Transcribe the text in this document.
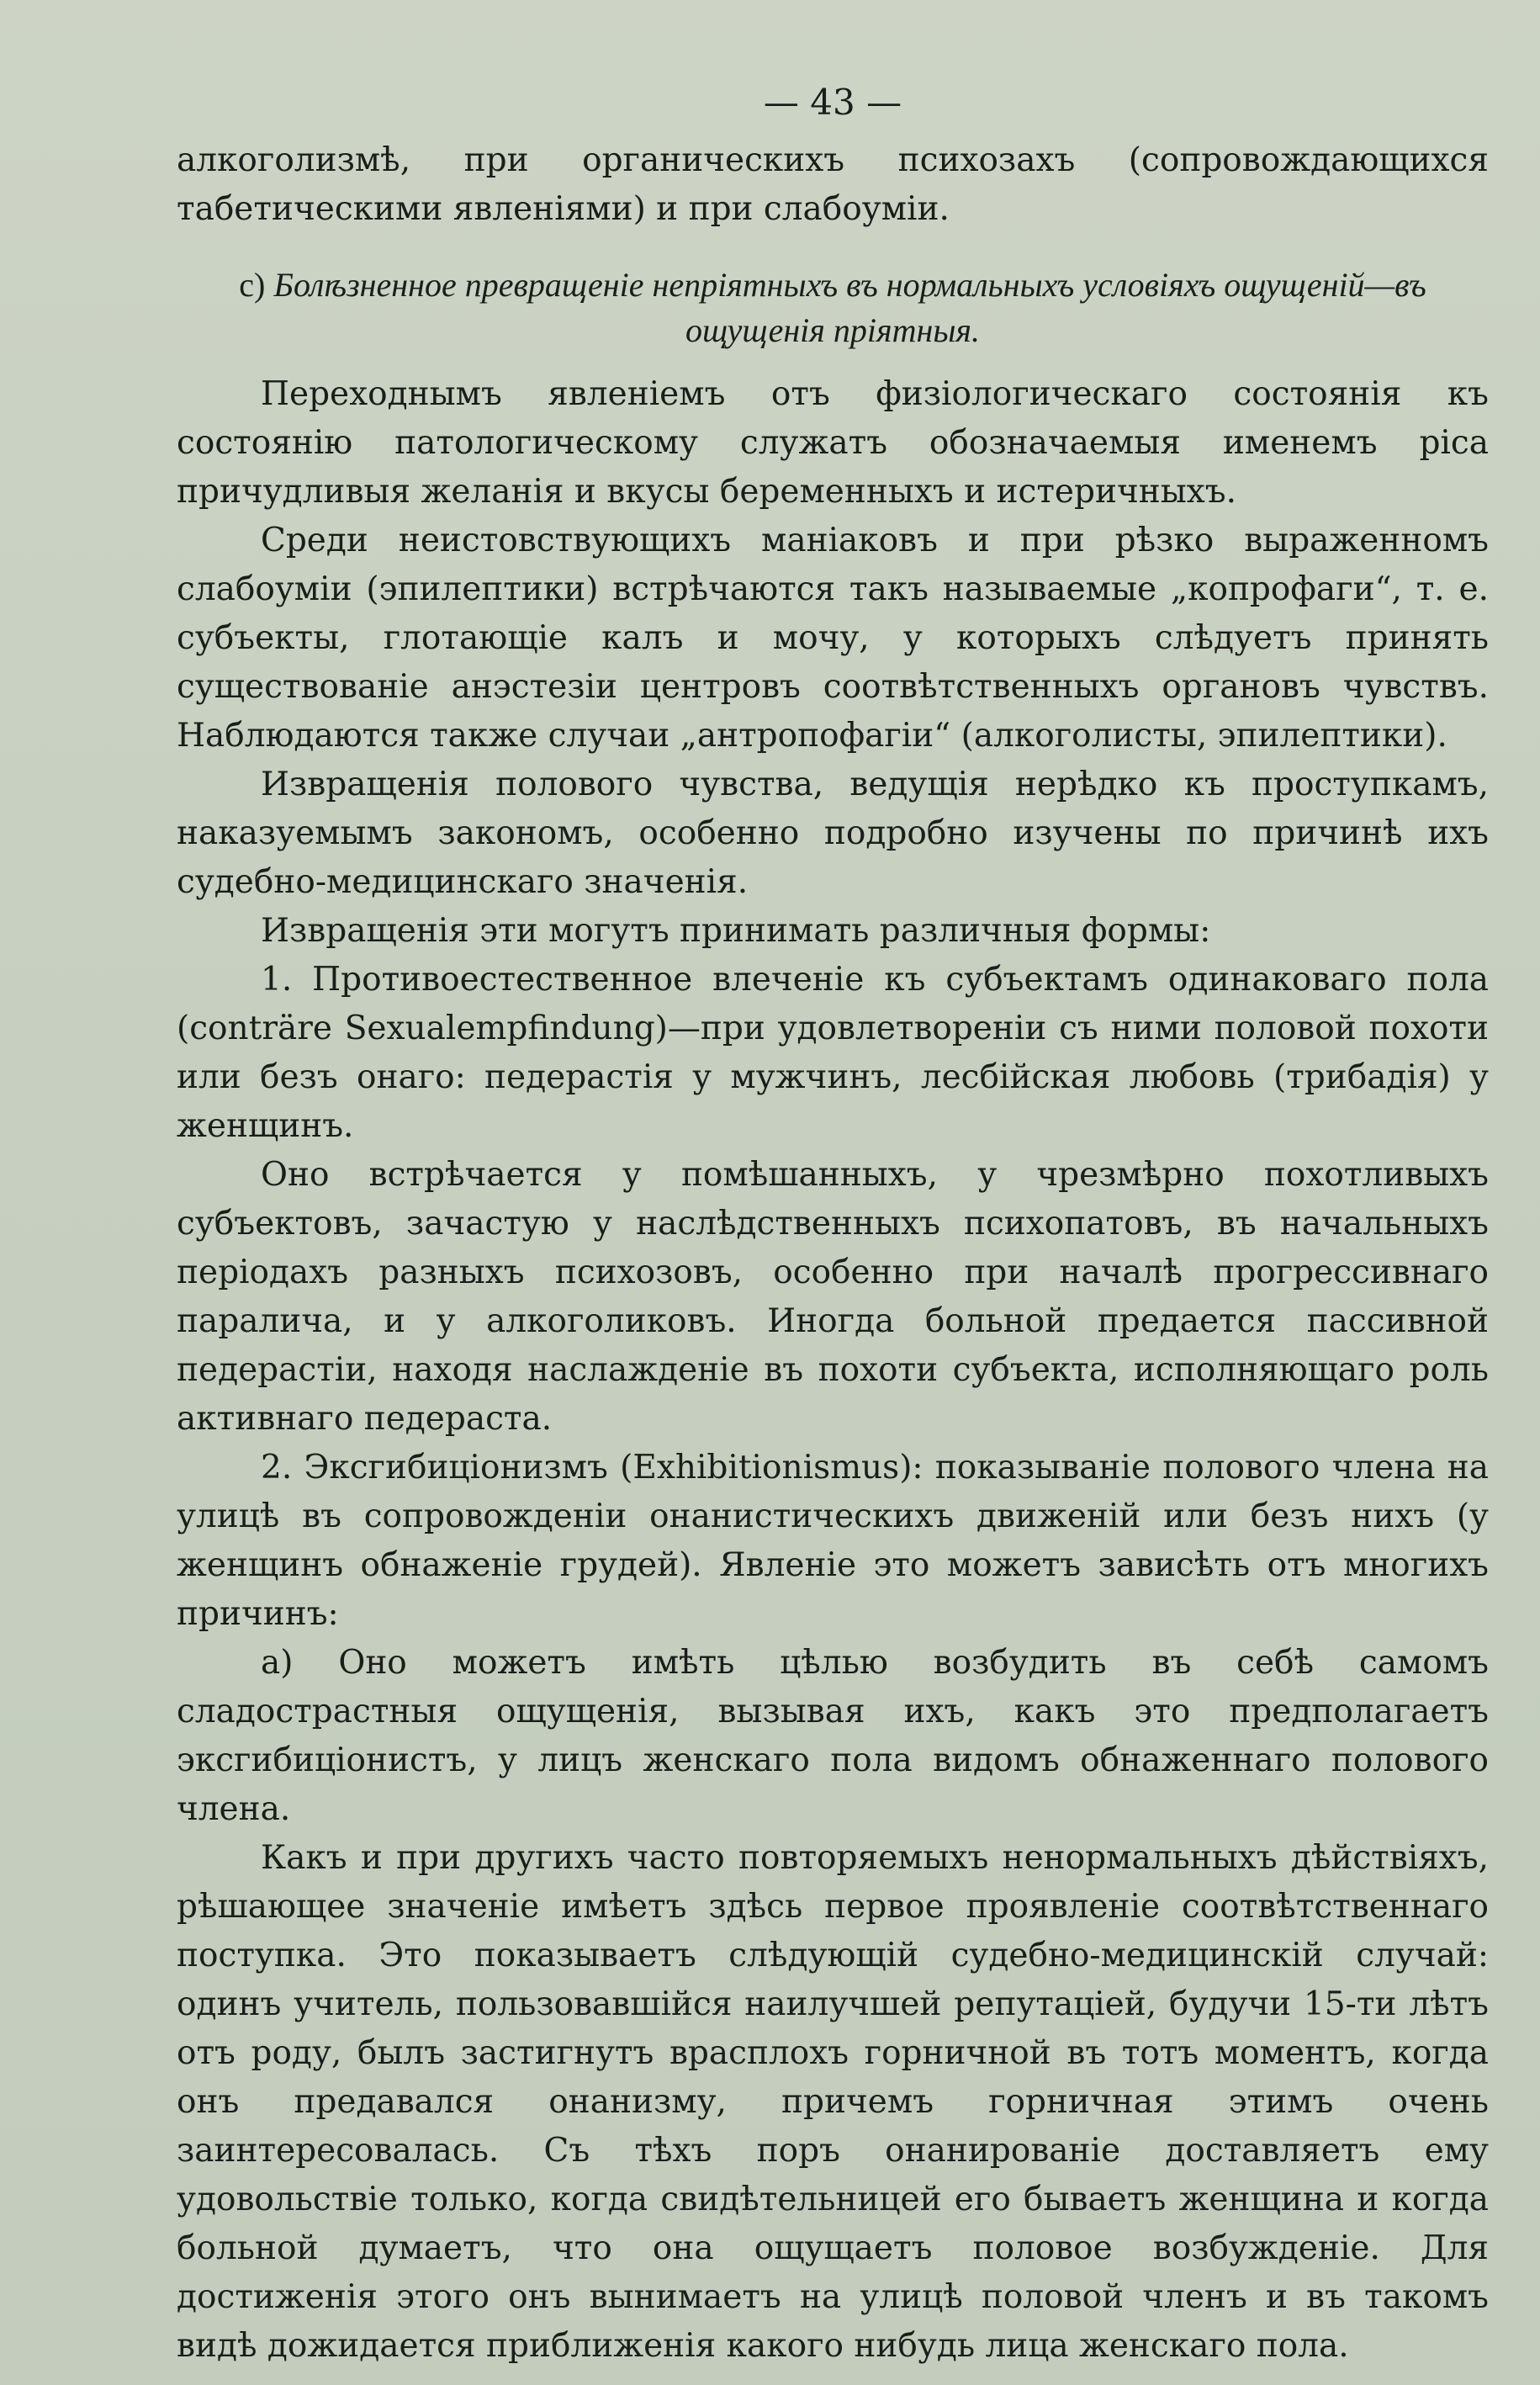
— 43 —

алкоголизмѣ, при органическихъ психозахъ (сопровождающихся табетическими явленіями) и при слабоуміи.

c) Болѣзненное превращеніе непріятныхъ въ нормальныхъ условіяхъ ощущеній—въ ощущенія пріятныя.

Переходнымъ явленіемъ отъ физіологическаго состоянія къ состоянію патологическому служатъ обозначаемыя именемъ pica причудливыя желанія и вкусы беременныхъ и истеричныхъ.

Среди неистовствующихъ маніаковъ и при рѣзко выраженномъ слабоуміи (эпилептики) встрѣчаются такъ называемые „копрофаги“, т. е. субъекты, глотающіе калъ и мочу, у которыхъ слѣдуетъ принять существованіе анэстезіи центровъ соотвѣтственныхъ органовъ чувствъ. Наблюдаются также случаи „антропофагіи“ (алкоголисты, эпилептики).

Извращенія полового чувства, ведущія нерѣдко къ проступкамъ, наказуемымъ закономъ, особенно подробно изучены по причинѣ ихъ судебно-медицинскаго значенія.

Извращенія эти могутъ принимать различныя формы:

1. Противоестественное влеченіе къ субъектамъ одинаковаго пола (conträre Sexualempfindung)—при удовлетвореніи съ ними половой похоти или безъ онаго: педерастія у мужчинъ, лесбійская любовь (трибадія) у женщинъ.

Оно встрѣчается у помѣшанныхъ, у чрезмѣрно похотливыхъ субъектовъ, зачастую у наслѣдственныхъ психопатовъ, въ начальныхъ періодахъ разныхъ психозовъ, особенно при началѣ прогрессивнаго паралича, и у алкоголиковъ. Иногда больной предается пассивной педерастіи, находя наслажденіе въ похоти субъекта, исполняющаго роль активнаго педераста.

2. Эксгибиціонизмъ (Exhibitionismus): показываніе полового члена на улицѣ въ сопровожденіи онанистическихъ движеній или безъ нихъ (у женщинъ обнаженіе грудей). Явленіе это можетъ зависѣть отъ многихъ причинъ:

a) Оно можетъ имѣть цѣлью возбудить въ себѣ самомъ сладострастныя ощущенія, вызывая ихъ, какъ это предполагаетъ эксгибиціонистъ, у лицъ женскаго пола видомъ обнаженнаго полового члена.

Какъ и при другихъ часто повторяемыхъ ненормальныхъ дѣйствіяхъ, рѣшающее значеніе имѣетъ здѣсь первое проявленіе соотвѣтственнаго поступка. Это показываетъ слѣдующій судебно-медицинскій случай: одинъ учитель, пользовавшійся наилучшей репутаціей, будучи 15-ти лѣтъ отъ роду, былъ застигнутъ врасплохъ горничной въ тотъ моментъ, когда онъ предавался онанизму, причемъ горничная этимъ очень заинтересовалась. Съ тѣхъ поръ онанированіе доставляетъ ему удовольствіе только, когда свидѣтельницей его бываетъ женщина и когда больной думаетъ, что она ощущаетъ половое возбужденіе. Для достиженія этого онъ вынимаетъ на улицѣ половой членъ и въ такомъ видѣ дожидается приближенія какого нибудь лица женскаго пола.
